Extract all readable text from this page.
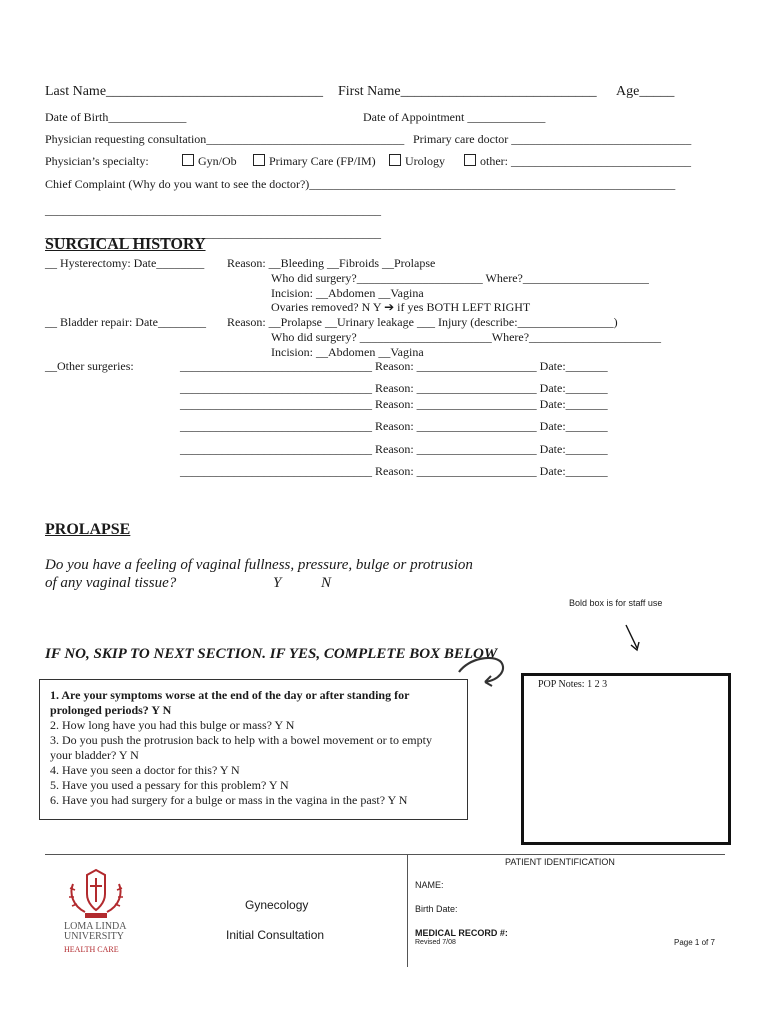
Last Name_______________________________ First Name____________________________ Age_____
Date of Birth_____________	Date of Appointment _____________
Physician requesting consultation_________________________________ Primary care doctor ______________________________
Physician’s specialty:	Gyn/Ob	Primary Care (FP/IM)	Urology	other: ______________________________
Chief Complaint (Why do you want to see the doctor?)_____________________________________________________________
________________________________________________________
________________________________________________________
SURGICAL HISTORY
__ Hysterectomy: Date________ Reason: __Bleeding __Fibroids __Prolapse
Who did surgery?_____________________ Where?_____________________
Incision: __Abdomen __Vagina
Ovaries removed? N Y ➔ if yes BOTH LEFT RIGHT
__ Bladder repair: Date________ Reason: __Prolapse __Urinary leakage ___ Injury (describe:________________)
Who did surgery? ______________________Where?______________________
Incision: __Abdomen __Vagina
__Other surgeries:	________________________________ Reason: ____________________ Date:_______
________________________________ Reason: ____________________ Date:_______
________________________________ Reason: ____________________ Date:_______
________________________________ Reason: ____________________ Date:_______
________________________________ Reason: ____________________ Date:_______
________________________________ Reason: ____________________ Date:_______
PROLAPSE
Do you have a feeling of vaginal fullness, pressure, bulge or protrusion
of any vaginal tissue?	Y	N
Bold box is for staff use
IF NO, SKIP TO NEXT SECTION. IF YES, COMPLETE BOX BELOW
1. Are your symptoms worse at the end of the day or after standing for
prolonged periods? Y N
2. How long have you had this bulge or mass? Y N
3. Do you push the protrusion back to help with a bowel movement or to empty
your bladder? Y N
4. Have you seen a doctor for this? Y N
5. Have you used a pessary for this problem? Y N
6. Have you had surgery for a bulge or mass in the vagina in the past? Y N
POP Notes: 1 2 3
PATIENT IDENTIFICATION
NAME:
Birth Date:
MEDICAL RECORD #:
Revised 7/08	Page 1 of 7
Gynecology
Initial Consultation
LOMA LINDA
UNIVERSITY
HEALTH CARE
